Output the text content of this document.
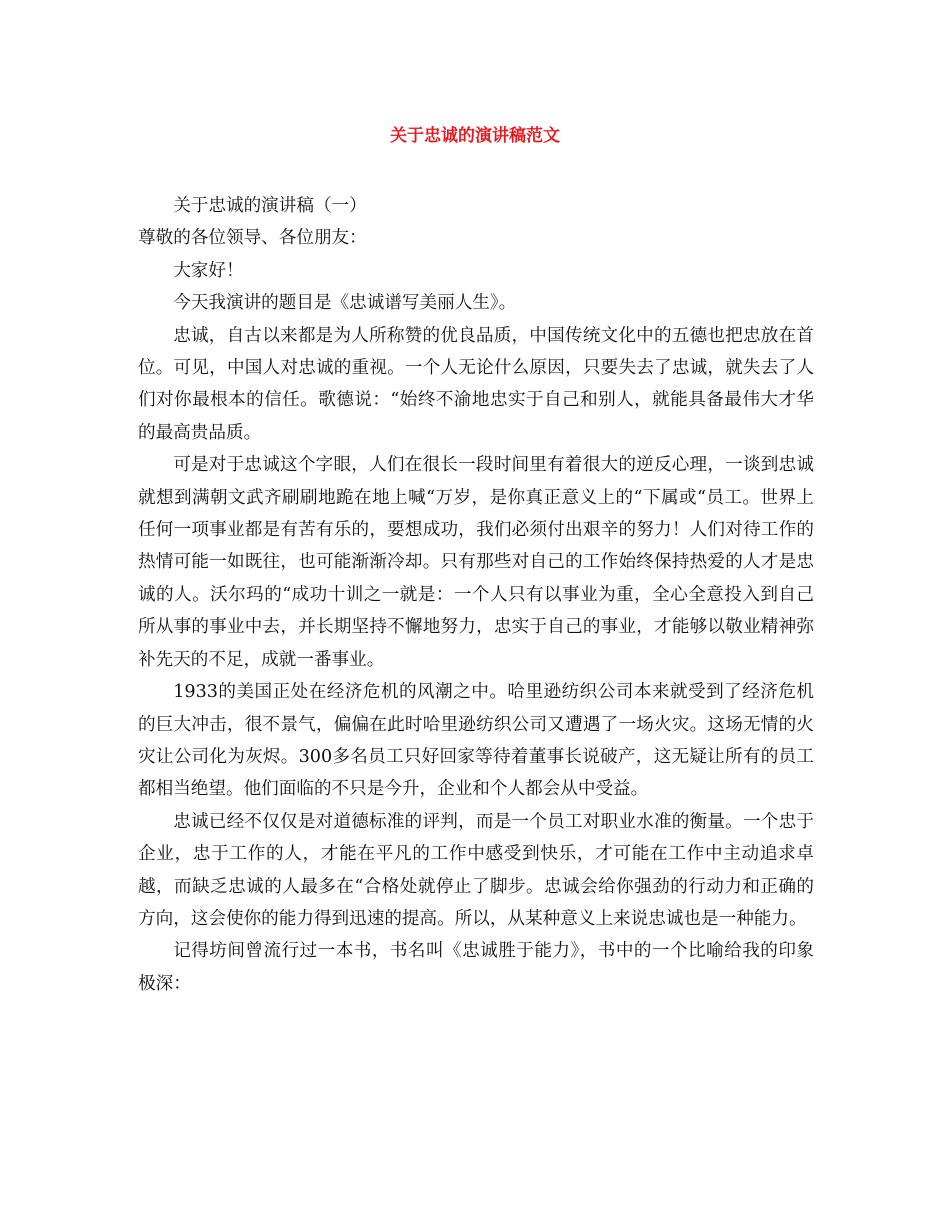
关于忠诚的演讲稿范文

关于忠诚的演讲稿（一）

尊敬的各位领导、各位朋友：

大家好！

今天我演讲的题目是《忠诚谱写美丽人生》。

忠诚，自古以来都是为人所称赞的优良品质，中国传统文化中的五德也把忠放在首位。可见，中国人对忠诚的重视。一个人无论什么原因，只要失去了忠诚，就失去了人们对你最根本的信任。歌德说：“始终不渝地忠实于自己和别人，就能具备最伟大才华的最高贵品质。

可是对于忠诚这个字眼，人们在很长一段时间里有着很大的逆反心理，一谈到忠诚就想到满朝文武齐刷刷地跪在地上喊“万岁，是你真正意义上的“下属或“员工。世界上任何一项事业都是有苦有乐的，要想成功，我们必须付出艰辛的努力！人们对待工作的热情可能一如既往，也可能渐渐冷却。只有那些对自己的工作始终保持热爱的人才是忠诚的人。沃尔玛的“成功十训之一就是：一个人只有以事业为重，全心全意投入到自己所从事的事业中去，并长期坚持不懈地努力，忠实于自己的事业，才能够以敬业精神弥补先天的不足，成就一番事业。

1933的美国正处在经济危机的风潮之中。哈里逊纺织公司本来就受到了经济危机的巨大冲击，很不景气，偏偏在此时哈里逊纺织公司又遭遇了一场火灾。这场无情的火灾让公司化为灰烬。300多名员工只好回家等待着董事长说破产，这无疑让所有的员工都相当绝望。他们面临的不只是今升，企业和个人都会从中受益。

忠诚已经不仅仅是对道德标准的评判，而是一个员工对职业水准的衡量。一个忠于企业，忠于工作的人，才能在平凡的工作中感受到快乐，才可能在工作中主动追求卓越，而缺乏忠诚的人最多在“合格处就停止了脚步。忠诚会给你强劲的行动力和正确的方向，这会使你的能力得到迅速的提高。所以，从某种意义上来说忠诚也是一种能力。

记得坊间曾流行过一本书，书名叫《忠诚胜于能力》，书中的一个比喻给我的印象极深：
